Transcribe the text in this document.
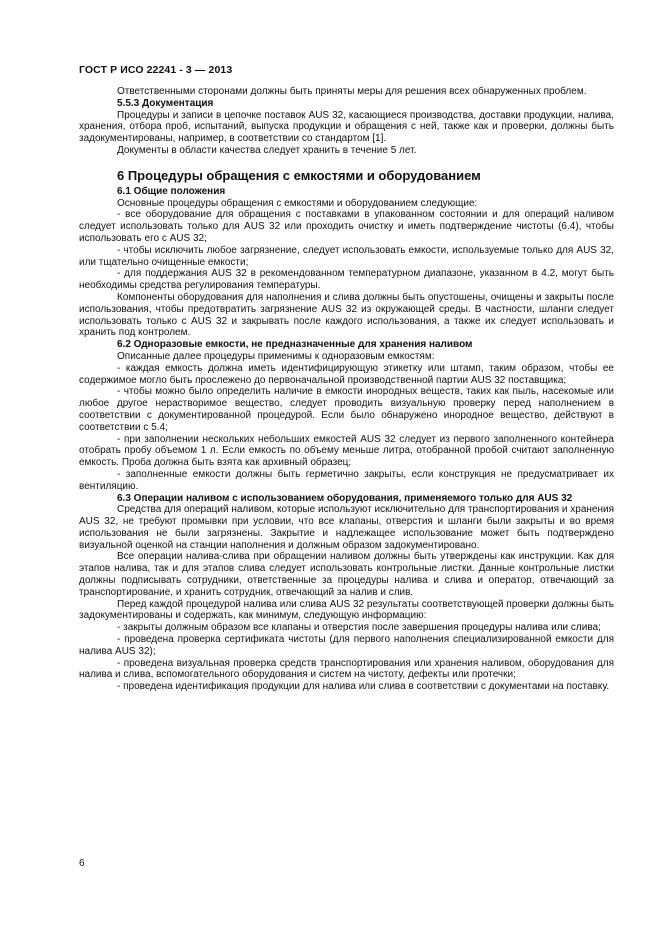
ГОСТ Р ИСО 22241 - 3 — 2013

Ответственными сторонами должны быть приняты меры для решения всех обнаруженных проблем.

5.5.3 Документация

Процедуры и записи в цепочке поставок AUS 32, касающиеся производства, доставки продукции, налива, хранения, отбора проб, испытаний, выпуска продукции и обращения с ней, также как и проверки, должны быть задокументированы, например, в соответствии со стандартом [1].

Документы в области качества следует хранить в течение 5 лет.

6 Процедуры обращения с емкостями и оборудованием

6.1 Общие положения

Основные процедуры обращения с емкостями и оборудованием следующие:

- все оборудование для обращения с поставками в упакованном состоянии и для операций наливом следует использовать только для AUS 32 или проходить очистку и иметь подтверждение чистоты (6.4), чтобы использовать его с AUS 32;

- чтобы исключить любое загрязнение, следует использовать емкости, используемые только для AUS 32, или тщательно очищенные емкости;

- для поддержания AUS 32 в рекомендованном температурном диапазоне, указанном в 4.2, могут быть необходимы средства регулирования температуры.

Компоненты оборудования для наполнения и слива должны быть опустошены, очищены и закрыты после использования, чтобы предотвратить загрязнение AUS 32 из окружающей среды. В частности, шланги следует использовать только с AUS 32 и закрывать после каждого использования, а также их следует использовать и хранить под контролем.

6.2 Одноразовые емкости, не предназначенные для хранения наливом

Описанные далее процедуры применимы к одноразовым емкостям:

- каждая емкость должна иметь идентифицирующую этикетку или штамп, таким образом, чтобы ее содержимое могло быть прослежено до первоначальной производственной партии AUS 32 поставщика;

- чтобы можно было определить наличие в емкости инородных веществ, таких как пыль, насекомые или любое другое нерастворимое вещество, следует проводить визуальную проверку перед наполнением в соответствии с документированной процедурой. Если было обнаружено инородное вещество, действуют в соответствии с 5.4;

- при заполнении нескольких небольших емкостей AUS 32 следует из первого заполненного контейнера отобрать пробу объемом 1 л. Если емкость по объему меньше литра, отобранной пробой считают заполненную емкость. Проба должна быть взята как архивный образец;

- заполненные емкости должны быть герметично закрыты, если конструкция не предусматривает их вентиляцию.

6.3 Операции наливом с использованием оборудования, применяемого только для AUS 32

Средства для операций наливом, которые используют исключительно для транспортирования и хранения AUS 32, не требуют промывки при условии, что все клапаны, отверстия и шланги были закрыты и во время использования не были загрязнены. Закрытие и надлежащее использование может быть подтверждено визуальной оценкой на станции наполнения и должным образом задокументировано.

Все операции налива-слива при обращении наливом должны быть утверждены как инструкции. Как для этапов налива, так и для этапов слива следует использовать контрольные листки. Данные контрольные листки должны подписывать сотрудники, ответственные за процедуры налива и слива и оператор, отвечающий за транспортирование, и хранить сотрудник, отвечающий за налив и слив.

Перед каждой процедурой налива или слива AUS 32 результаты соответствующей проверки должны быть задокументированы и содержать, как минимум, следующую информацию:

- закрыты должным образом все клапаны и отверстия после завершения процедуры налива или слива;

- проведена проверка сертификата чистоты (для первого наполнения специализированной емкости для налива AUS 32);

- проведена визуальная проверка средств транспортирования или хранения наливом, оборудования для налива и слива, вспомогательного оборудования и систем на чистоту, дефекты или протечки;

- проведена идентификация продукции для налива или слива в соответствии с документами на поставку.

6
